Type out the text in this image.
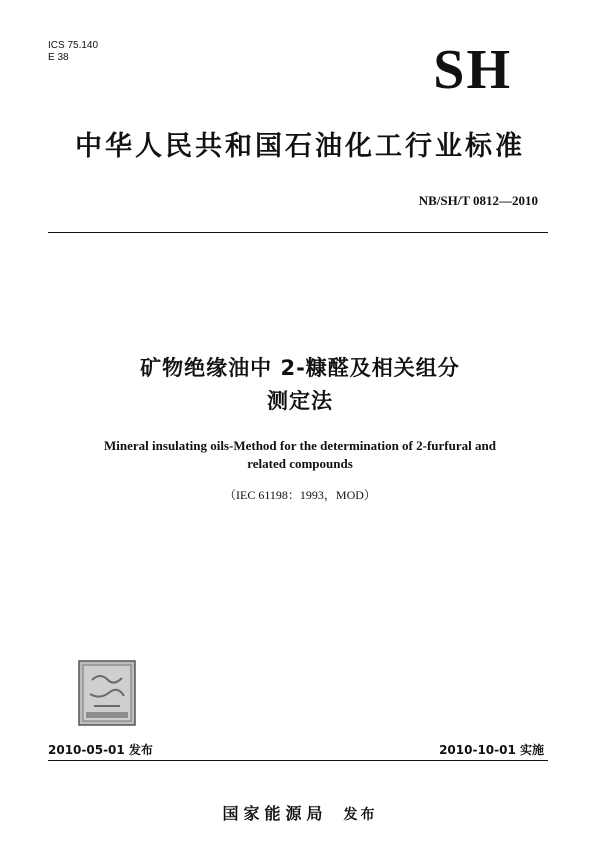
ICS 75.140
E 38	SH
中华人民共和国石油化工行业标准
NB/SH/T 0812—2010
矿物绝缘油中 2-糠醛及相关组分
测定法
Mineral insulating oils-Method for the determination of 2-furfural and
related compounds
（IEC 61198：1993，MOD）
2010-05-01 发布	2010-10-01 实施
国家能源局 发布
